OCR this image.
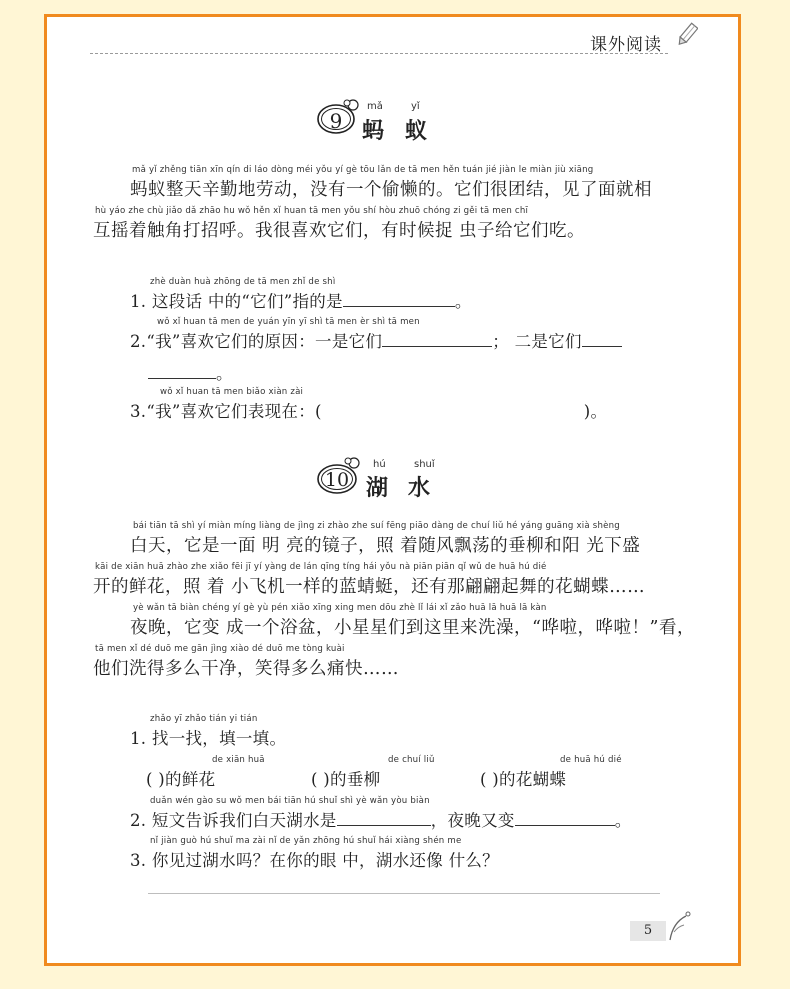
课外阅读
9
mǎ	yǐ
蚂 蚁
mǎ yǐ zhěng tiān xīn qín di láo dòng méi yǒu yí gè tōu lǎn de tā men hěn tuán jié jiàn le miàn jiù xiāng
蚂蚁整天辛勤地劳动，没有一个偷懒的。它们很团结，见了面就相
hù yáo zhe chù jiǎo dǎ zhāo hu wǒ hěn xǐ huan tā men yǒu shí hòu zhuō chóng zi gěi tā men chī
互摇着触角打招呼。我很喜欢它们，有时候捉 虫子给它们吃。
zhè duàn huà zhōng de tā men zhǐ de shì
1. 这段话 中的“它们”指的是	。
wǒ xǐ huan tā men de yuán yīn yī shì tā men èr shì tā men
2.“我”喜欢它们的原因：一是它们	； 二是它们
。
wǒ xǐ huan tā men biǎo xiàn zài
3.“我”喜欢它们表现在：(	)。
10
hú	shuǐ
湖 水
bái tiān tā shì yí miàn míng liàng de jìng zi zhào zhe suí fēng piāo dàng de chuí liǔ hé yáng guāng xià shèng
白天，它是一面 明 亮的镜子，照 着随风飘荡的垂柳和阳 光下盛
kāi de xiān huā zhào zhe xiǎo fēi jī yí yàng de lán qīng tíng hái yǒu nà piān piān qǐ wǔ de huā hú dié
开的鲜花，照 着 小飞机一样的蓝蜻蜓，还有那翩翩起舞的花蝴蝶……
yè wǎn tā biàn chéng yí gè yù pén xiǎo xīng xing men dōu zhè lǐ lái xǐ zǎo huā lā huā lā kàn
夜晚，它变 成一个浴盆，小星星们到这里来洗澡，“哗啦，哗啦！”看，
tā men xǐ dé duō me gān jìng xiào dé duō me tòng kuài
他们洗得多么干净，笑得多么痛快……
zhǎo yī zhǎo tián yi tián
1. 找一找，填一填。
de xiān huā	de chuí liǔ	de huā hú dié
( )的鲜花	( )的垂柳	( )的花蝴蝶
duǎn wén gào su wǒ men bái tiān hú shuǐ shì yè wǎn yòu biàn
2. 短文告诉我们白天湖水是	，夜晚又变	。
nǐ jiàn guò hú shuǐ ma zài nǐ de yǎn zhōng hú shuǐ hái xiàng shén me
3. 你见过湖水吗？在你的眼 中，湖水还像 什么？
5
